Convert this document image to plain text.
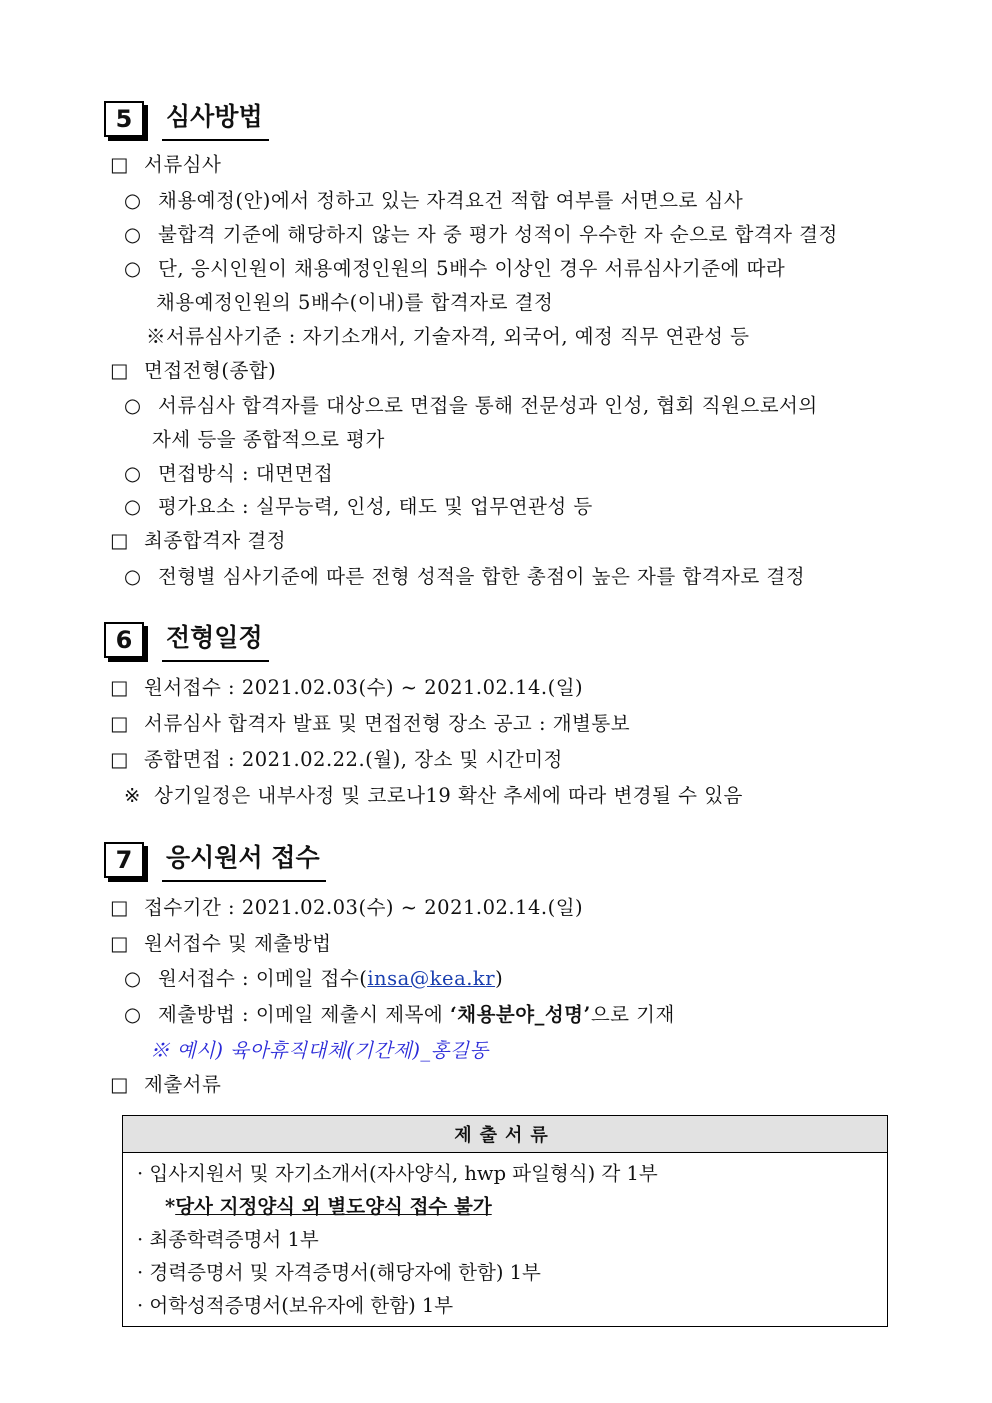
5	심사방법
□ 서류심사
○ 채용예정(안)에서 정하고 있는 자격요건 적합 여부를 서면으로 심사
○ 불합격 기준에 해당하지 않는 자 중 평가 성적이 우수한 자 순으로 합격자 결정
○ 단, 응시인원이 채용예정인원의 5배수 이상인 경우 서류심사기준에 따라
채용예정인원의 5배수(이내)를 합격자로 결정
※서류심사기준 : 자기소개서, 기술자격, 외국어, 예정 직무 연관성 등
□ 면접전형(종합)
○ 서류심사 합격자를 대상으로 면접을 통해 전문성과 인성, 협회 직원으로서의
자세 등을 종합적으로 평가
○ 면접방식 : 대면면접
○ 평가요소 : 실무능력, 인성, 태도 및 업무연관성 등
□ 최종합격자 결정
○ 전형별 심사기준에 따른 전형 성적을 합한 총점이 높은 자를 합격자로 결정
6	전형일정
□ 원서접수 : 2021.02.03(수) ~ 2021.02.14.(일)
□ 서류심사 합격자 발표 및 면접전형 장소 공고 : 개별통보
□ 종합면접 : 2021.02.22.(월), 장소 및 시간미정
※ 상기일정은 내부사정 및 코로나19 확산 추세에 따라 변경될 수 있음
7	응시원서 접수
□ 접수기간 : 2021.02.03(수) ~ 2021.02.14.(일)
□ 원서접수 및 제출방법
○ 원서접수 : 이메일 접수(insa@kea.kr)
○ 제출방법 : 이메일 제출시 제목에 ‘채용분야_성명’으로 기재
※ 예시) 육아휴직대체(기간제)_홍길동
□ 제출서류
제출서류

· 입사지원서 및 자기소개서(자사양식, hwp 파일형식) 각 1부
*당사 지정양식 외 별도양식 접수 불가
· 최종학력증명서 1부
· 경력증명서 및 자격증명서(해당자에 한함) 1부
· 어학성적증명서(보유자에 한함) 1부
